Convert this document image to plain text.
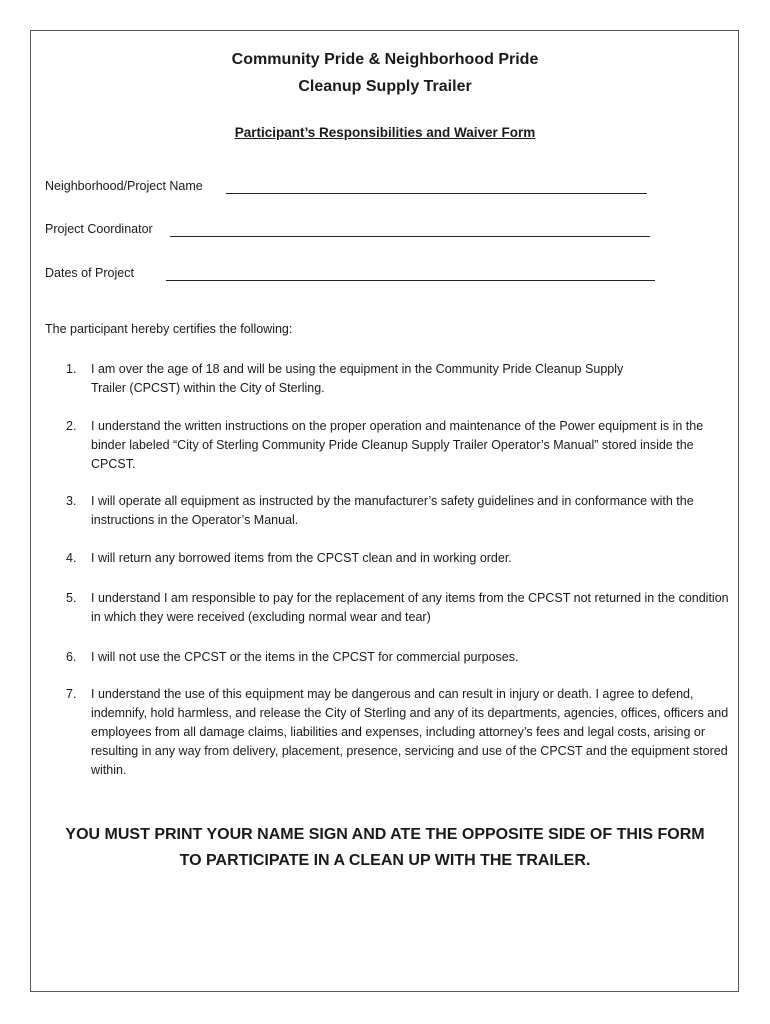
Community Pride & Neighborhood Pride
Cleanup Supply Trailer
Participant’s Responsibilities and Waiver Form
Neighborhood/Project Name
Project Coordinator
Dates of Project
The participant hereby certifies the following:
1. I am over the age of 18 and will be using the equipment in the Community Pride Cleanup Supply Trailer (CPCST) within the City of Sterling.
2. I understand the written instructions on the proper operation and maintenance of the Power equipment is in the binder labeled “City of Sterling Community Pride Cleanup Supply Trailer Operator’s Manual” stored inside the CPCST.
3. I will operate all equipment as instructed by the manufacturer’s safety guidelines and in conformance with the instructions in the Operator’s Manual.
4. I will return any borrowed items from the CPCST clean and in working order.
5. I understand I am responsible to pay for the replacement of any items from the CPCST not returned in the condition in which they were received (excluding normal wear and tear)
6. I will not use the CPCST or the items in the CPCST for commercial purposes.
7. I understand the use of this equipment may be dangerous and can result in injury or death. I agree to defend, indemnify, hold harmless, and release the City of Sterling and any of its departments, agencies, offices, officers and employees from all damage claims, liabilities and expenses, including attorney’s fees and legal costs, arising or resulting in any way from delivery, placement, presence, servicing and use of the CPCST and the equipment stored within.
YOU MUST PRINT YOUR NAME SIGN AND ATE THE OPPOSITE SIDE OF THIS FORM TO PARTICIPATE IN A CLEAN UP WITH THE TRAILER.
